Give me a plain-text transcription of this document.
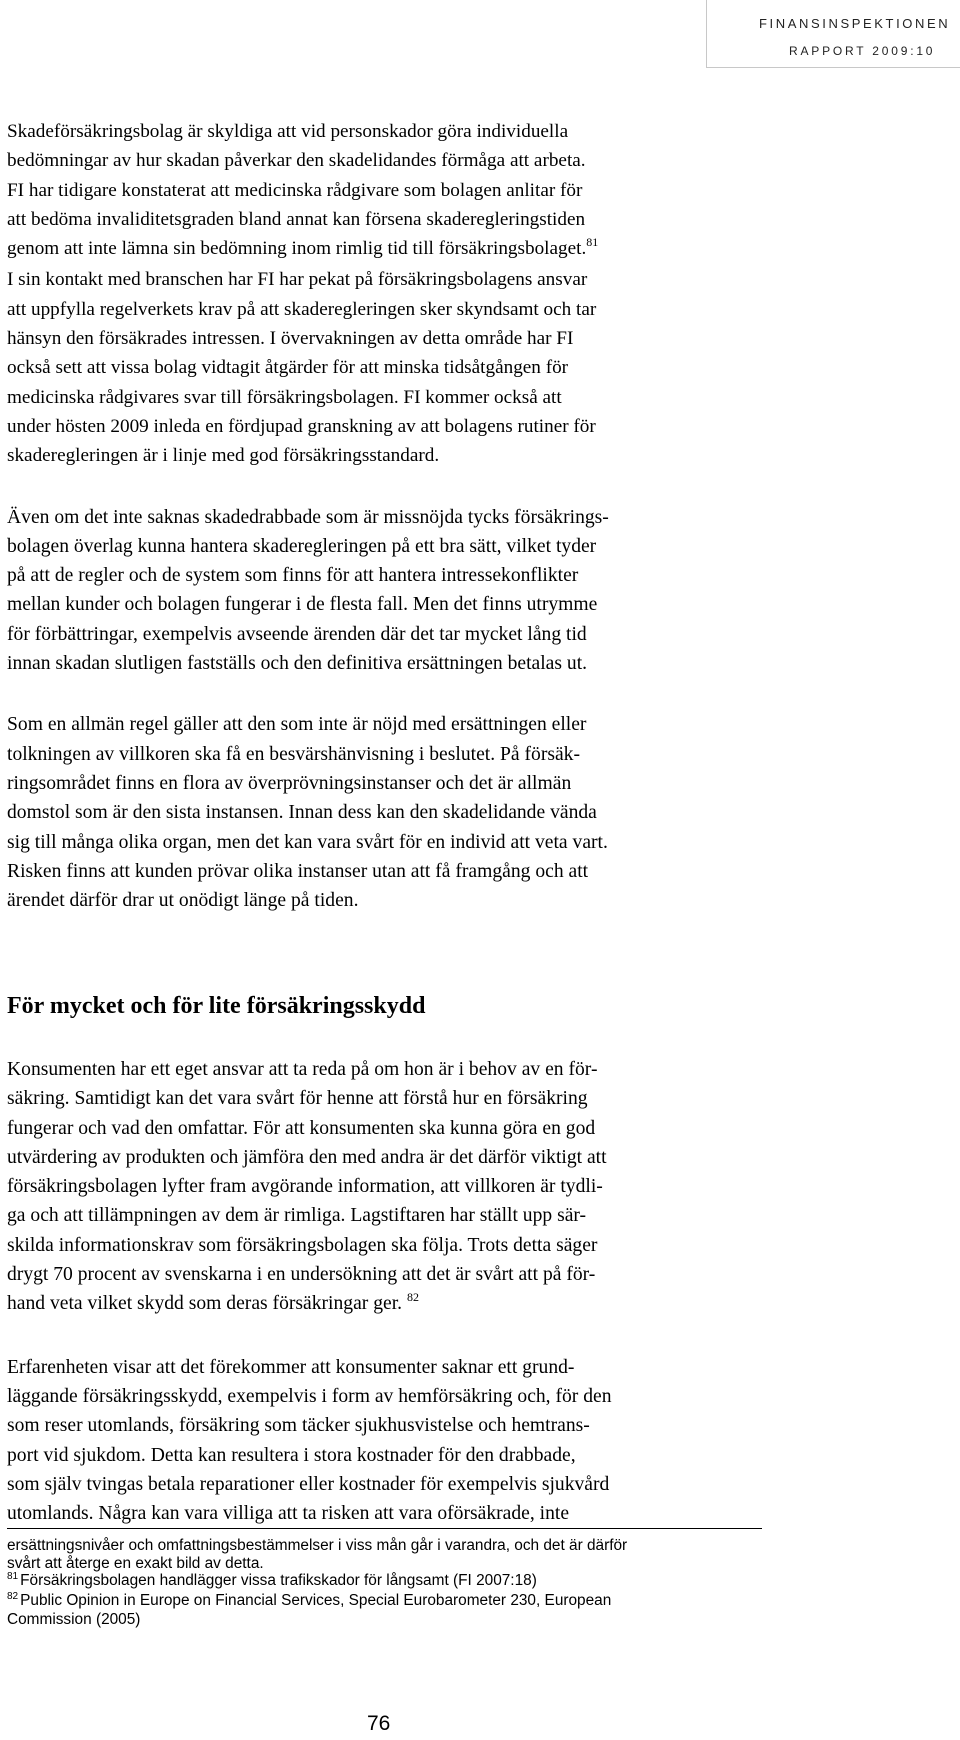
FINANSINSPEKTIONEN
RAPPORT 2009:10

Skadeförsäkringsbolag är skyldiga att vid personskador göra individuella
bedömningar av hur skadan påverkar den skadelidandes förmåga att arbeta.
FI har tidigare konstaterat att medicinska rådgivare som bolagen anlitar för
att bedöma invaliditetsgraden bland annat kan försena skaderegleringstiden
genom att inte lämna sin bedömning inom rimlig tid till försäkringsbolaget.$^{81}$
I sin kontakt med branschen har FI har pekat på försäkringsbolagens ansvar
att uppfylla regelverkets krav på att skaderegleringen sker skyndsamt och tar
hänsyn den försäkrades intressen. I övervakningen av detta område har FI
också sett att vissa bolag vidtagit åtgärder för att minska tidsåtgången för
medicinska rådgivares svar till försäkringsbolagen. FI kommer också att
under hösten 2009 inleda en fördjupad granskning av att bolagens rutiner för
skaderegleringen är i linje med god försäkringsstandard.

Även om det inte saknas skadedrabbade som är missnöjda tycks försäkrings-
bolagen överlag kunna hantera skaderegleringen på ett bra sätt, vilket tyder
på att de regler och de system som finns för att hantera intressekonflikter
mellan kunder och bolagen fungerar i de flesta fall. Men det finns utrymme
för förbättringar, exempelvis avseende ärenden där det tar mycket lång tid
innan skadan slutligen fastställs och den definitiva ersättningen betalas ut.

Som en allmän regel gäller att den som inte är nöjd med ersättningen eller
tolkningen av villkoren ska få en besvärshänvisning i beslutet. På försäk-
ringsområdet finns en flora av överprövningsinstanser och det är allmän
domstol som är den sista instansen. Innan dess kan den skadelidande vända
sig till många olika organ, men det kan vara svårt för en individ att veta vart.
Risken finns att kunden prövar olika instanser utan att få framgång och att
ärendet därför drar ut onödigt länge på tiden.

För mycket och för lite försäkringsskydd

Konsumenten har ett eget ansvar att ta reda på om hon är i behov av en för-
säkring. Samtidigt kan det vara svårt för henne att förstå hur en försäkring
fungerar och vad den omfattar. För att konsumenten ska kunna göra en god
utvärdering av produkten och jämföra den med andra är det därför viktigt att
försäkringsbolagen lyfter fram avgörande information, att villkoren är tydli-
ga och att tillämpningen av dem är rimliga. Lagstiftaren har ställt upp sär-
skilda informationskrav som försäkringsbolagen ska följa. Trots detta säger
drygt 70 procent av svenskarna i en undersökning att det är svårt att på för-
hand veta vilket skydd som deras försäkringar ger. $^{82}$

Erfarenheten visar att det förekommer att konsumenter saknar ett grund-
läggande försäkringsskydd, exempelvis i form av hemförsäkring och, för den
som reser utomlands, försäkring som täcker sjukhusvistelse och hemtrans-
port vid sjukdom. Detta kan resultera i stora kostnader för den drabbade,
som själv tvingas betala reparationer eller kostnader för exempelvis sjukvård
utomlands. Några kan vara villiga att ta risken att vara oförsäkrade, inte

ersättningsnivåer och omfattningsbestämmelser i viss mån går i varandra, och det är därför
svårt att återge en exakt bild av detta.
$^{81}$ Försäkringsbolagen handlägger vissa trafikskador för långsamt (FI 2007:18)
$^{82}$ Public Opinion in Europe on Financial Services, Special Eurobarometer 230, European
Commission (2005)
76
